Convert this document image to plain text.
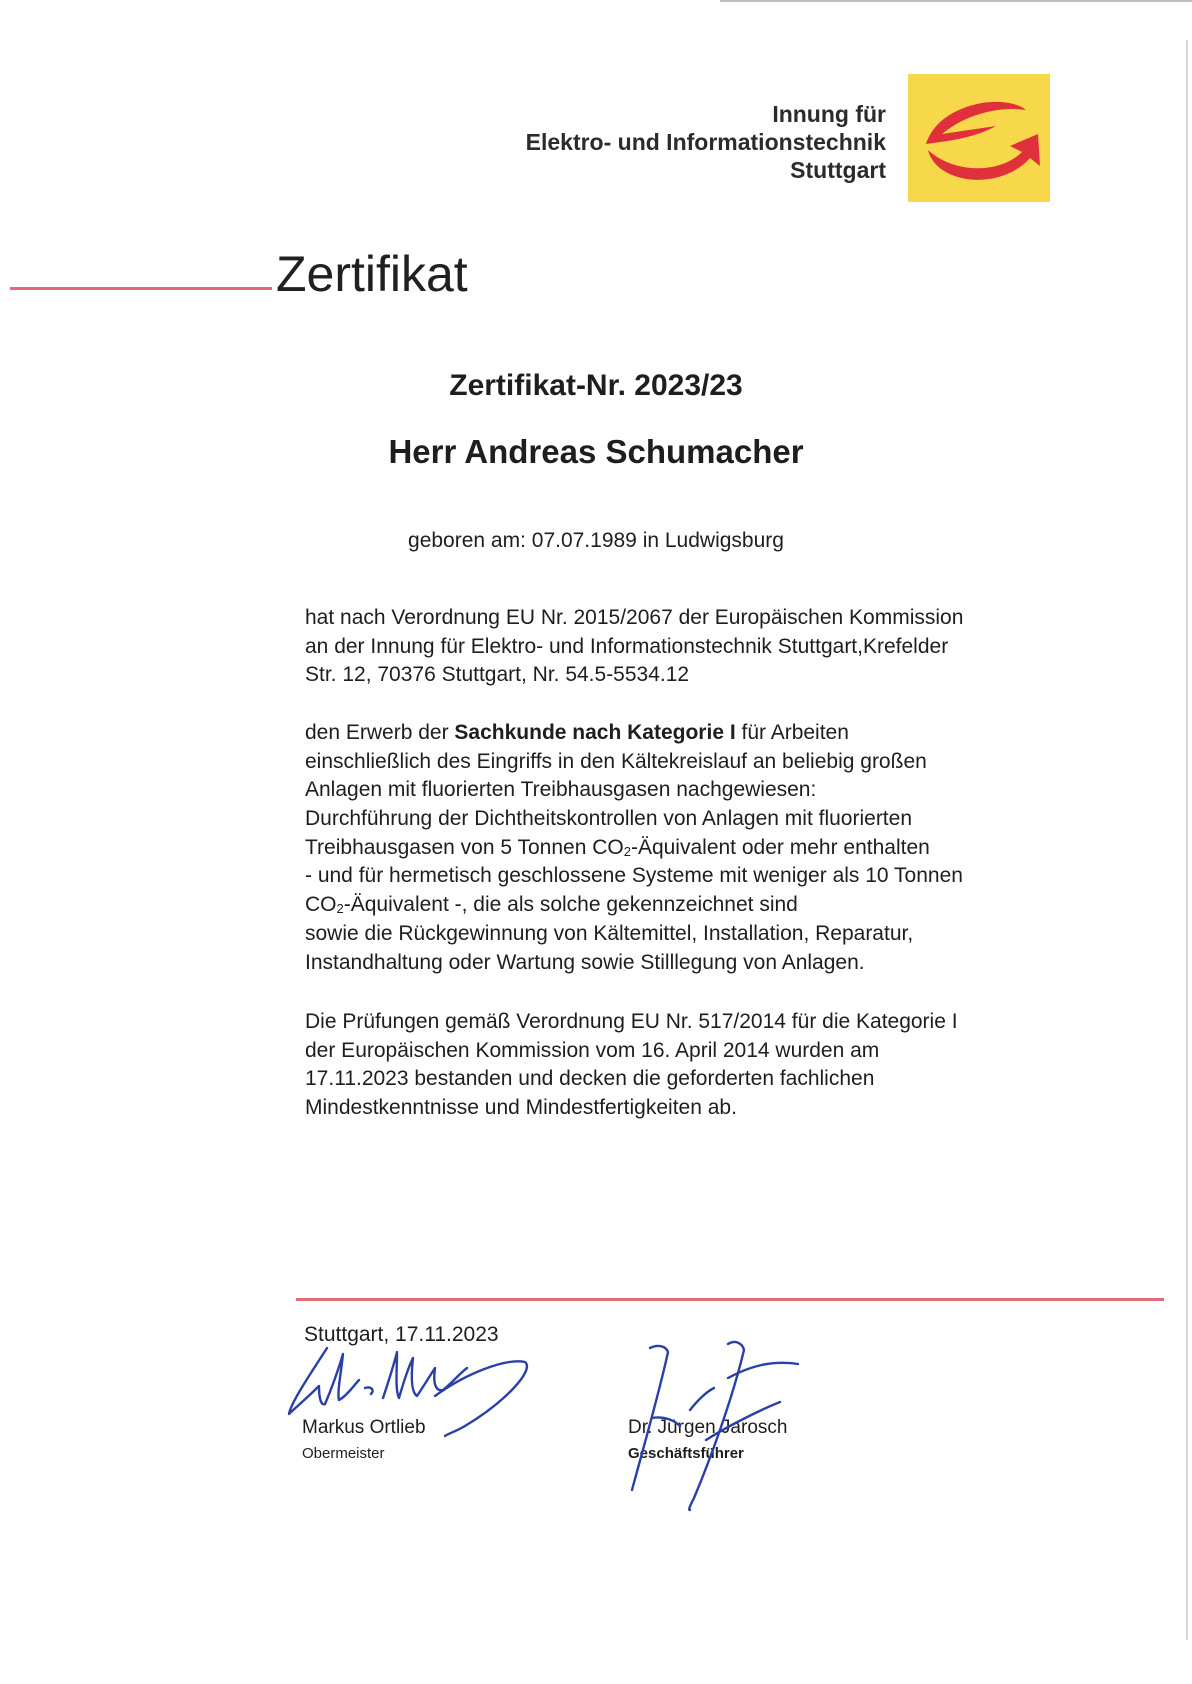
Innung für
Elektro- und Informationstechnik
Stuttgart
Zertifikat
Zertifikat-Nr. 2023/23
Herr Andreas Schumacher
geboren am: 07.07.1989 in Ludwigsburg
hat nach Verordnung EU Nr. 2015/2067 der Europäischen Kommission
an der Innung für Elektro- und Informationstechnik Stuttgart,Krefelder
Str. 12, 70376 Stuttgart, Nr. 54.5-5534.12
den Erwerb der Sachkunde nach Kategorie I für Arbeiten
einschließlich des Eingriffs in den Kältekreislauf an beliebig großen
Anlagen mit fluorierten Treibhausgasen nachgewiesen:
Durchführung der Dichtheitskontrollen von Anlagen mit fluorierten
Treibhausgasen von 5 Tonnen $CO_2$-Äquivalent oder mehr enthalten
- und für hermetisch geschlossene Systeme mit weniger als 10 Tonnen
$CO_2$-Äquivalent -, die als solche gekennzeichnet sind
sowie die Rückgewinnung von Kältemittel, Installation, Reparatur,
Instandhaltung oder Wartung sowie Stilllegung von Anlagen.
Die Prüfungen gemäß Verordnung EU Nr. 517/2014 für die Kategorie I
der Europäischen Kommission vom 16. April 2014 wurden am
17.11.2023 bestanden und decken die geforderten fachlichen
Mindestkenntnisse und Mindestfertigkeiten ab.
Stuttgart, 17.11.2023
Markus Ortlieb
Obermeister
Dr. Jürgen Jarosch
Geschäftsführer
